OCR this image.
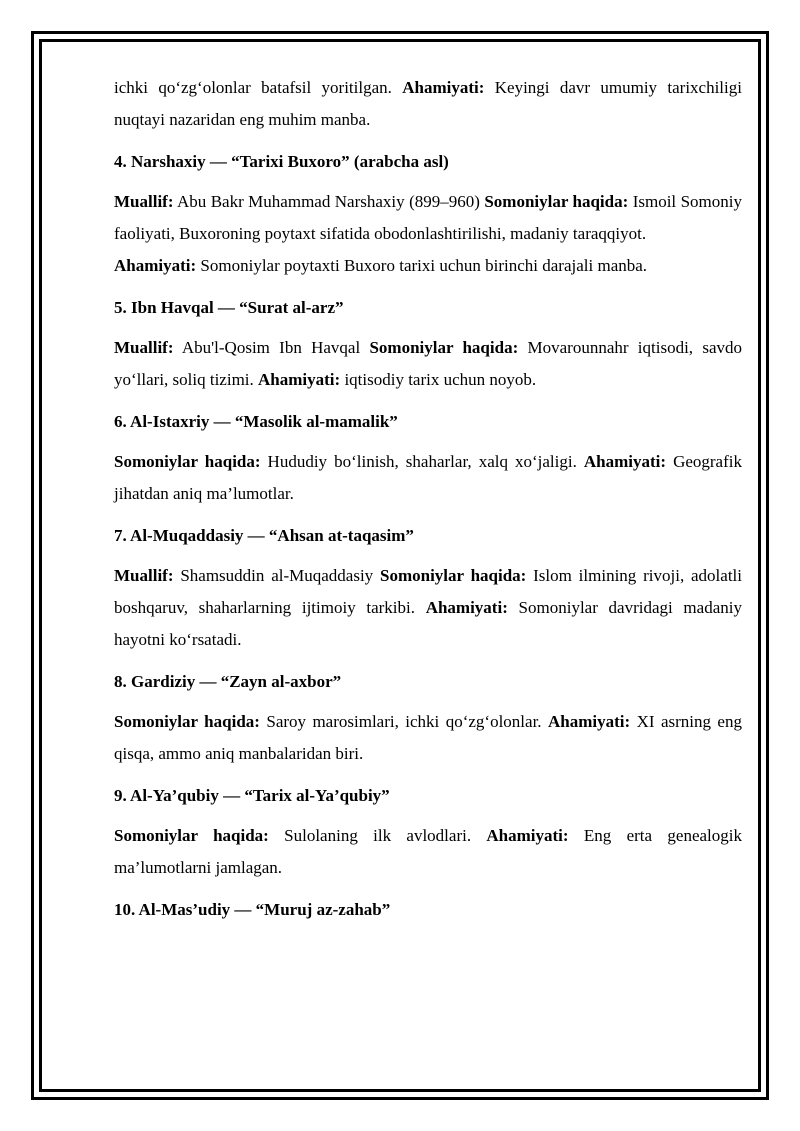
ichki qo‘zg‘olonlar batafsil yoritilgan. Ahamiyati: Keyingi davr umumiy tarixchiligi nuqtayi nazaridan eng muhim manba.

4. Narshaxiy — “Tarixi Buxoro” (arabcha asl)

Muallif: Abu Bakr Muhammad Narshaxiy (899–960) Somoniylar haqida: Ismoil Somoniy faoliyati, Buxoroning poytaxt sifatida obodonlashtirilishi, madaniy taraqqiyot.

Ahamiyati: Somoniylar poytaxti Buxoro tarixi uchun birinchi darajali manba.

5. Ibn Havqal — “Surat al-arz”

Muallif: Abu'l-Qosim Ibn Havqal Somoniylar haqida: Movarounnahr iqtisodi, savdo yo‘llari, soliq tizimi. Ahamiyati: iqtisodiy tarix uchun noyob.

6. Al-Istaxriy — “Masolik al-mamalik”

Somoniylar haqida: Hududiy bo‘linish, shaharlar, xalq xo‘jaligi. Ahamiyati: Geografik jihatdan aniq ma’lumotlar.

7. Al-Muqaddasiy — “Ahsan at-taqasim”

Muallif: Shamsuddin al-Muqaddasiy Somoniylar haqida: Islom ilmining rivoji, adolatli boshqaruv, shaharlarning ijtimoiy tarkibi. Ahamiyati: Somoniylar davridagi madaniy hayotni ko‘rsatadi.

8. Gardiziy — “Zayn al-axbor”

Somoniylar haqida: Saroy marosimlari, ichki qo‘zg‘olonlar. Ahamiyati: XI asrning eng qisqa, ammo aniq manbalaridan biri.

9. Al-Ya’qubiy — “Tarix al-Ya’qubiy”

Somoniylar haqida: Sulolaning ilk avlodlari. Ahamiyati: Eng erta genealogik ma’lumotlarni jamlagan.

10. Al-Mas’udiy — “Muruj az-zahab”
